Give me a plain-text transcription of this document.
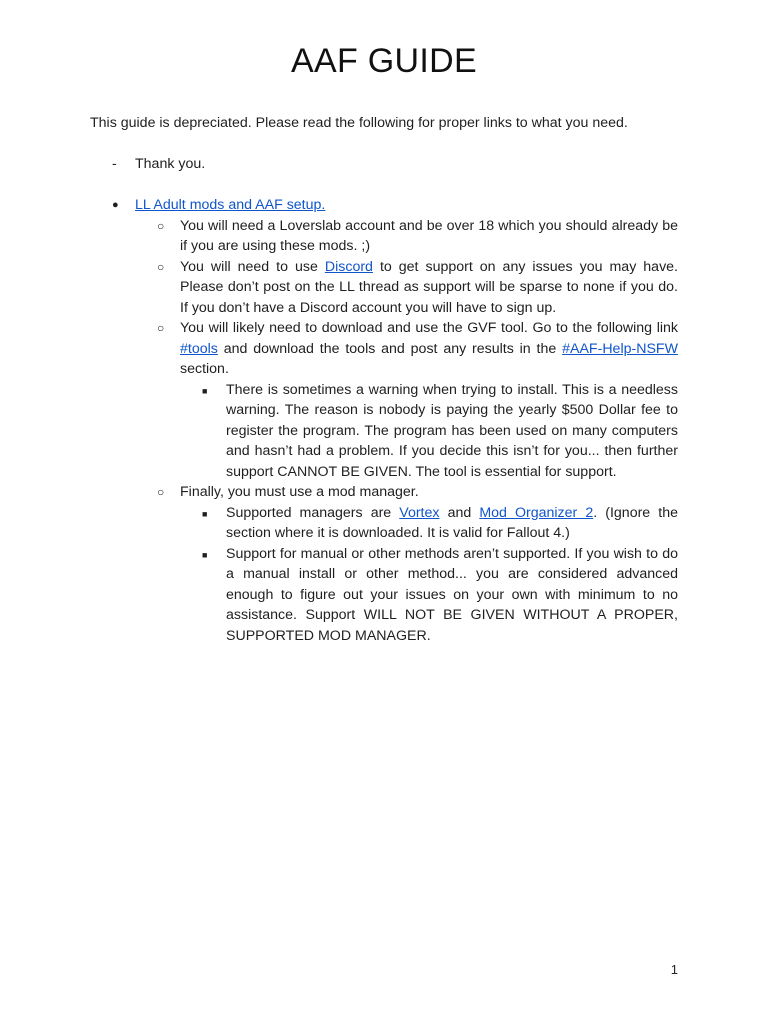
AAF GUIDE
This guide is depreciated. Please read the following for proper links to what you need.
- Thank you.
● LL Adult mods and AAF setup.
○ You will need a Loverslab account and be over 18 which you should already be if you are using these mods. ;)
○ You will need to use Discord to get support on any issues you may have. Please don’t post on the LL thread as support will be sparse to none if you do. If you don’t have a Discord account you will have to sign up.
○ You will likely need to download and use the GVF tool. Go to the following link #tools and download the tools and post any results in the #AAF-Help-NSFW section.
■ There is sometimes a warning when trying to install. This is a needless warning. The reason is nobody is paying the yearly $500 Dollar fee to register the program. The program has been used on many computers and hasn’t had a problem. If you decide this isn’t for you... then further support CANNOT BE GIVEN. The tool is essential for support.
○ Finally, you must use a mod manager.
■ Supported managers are Vortex and Mod Organizer 2. (Ignore the section where it is downloaded. It is valid for Fallout 4.)
■ Support for manual or other methods aren’t supported. If you wish to do a manual install or other method... you are considered advanced enough to figure out your issues on your own with minimum to no assistance. Support WILL NOT BE GIVEN WITHOUT A PROPER, SUPPORTED MOD MANAGER.
1
